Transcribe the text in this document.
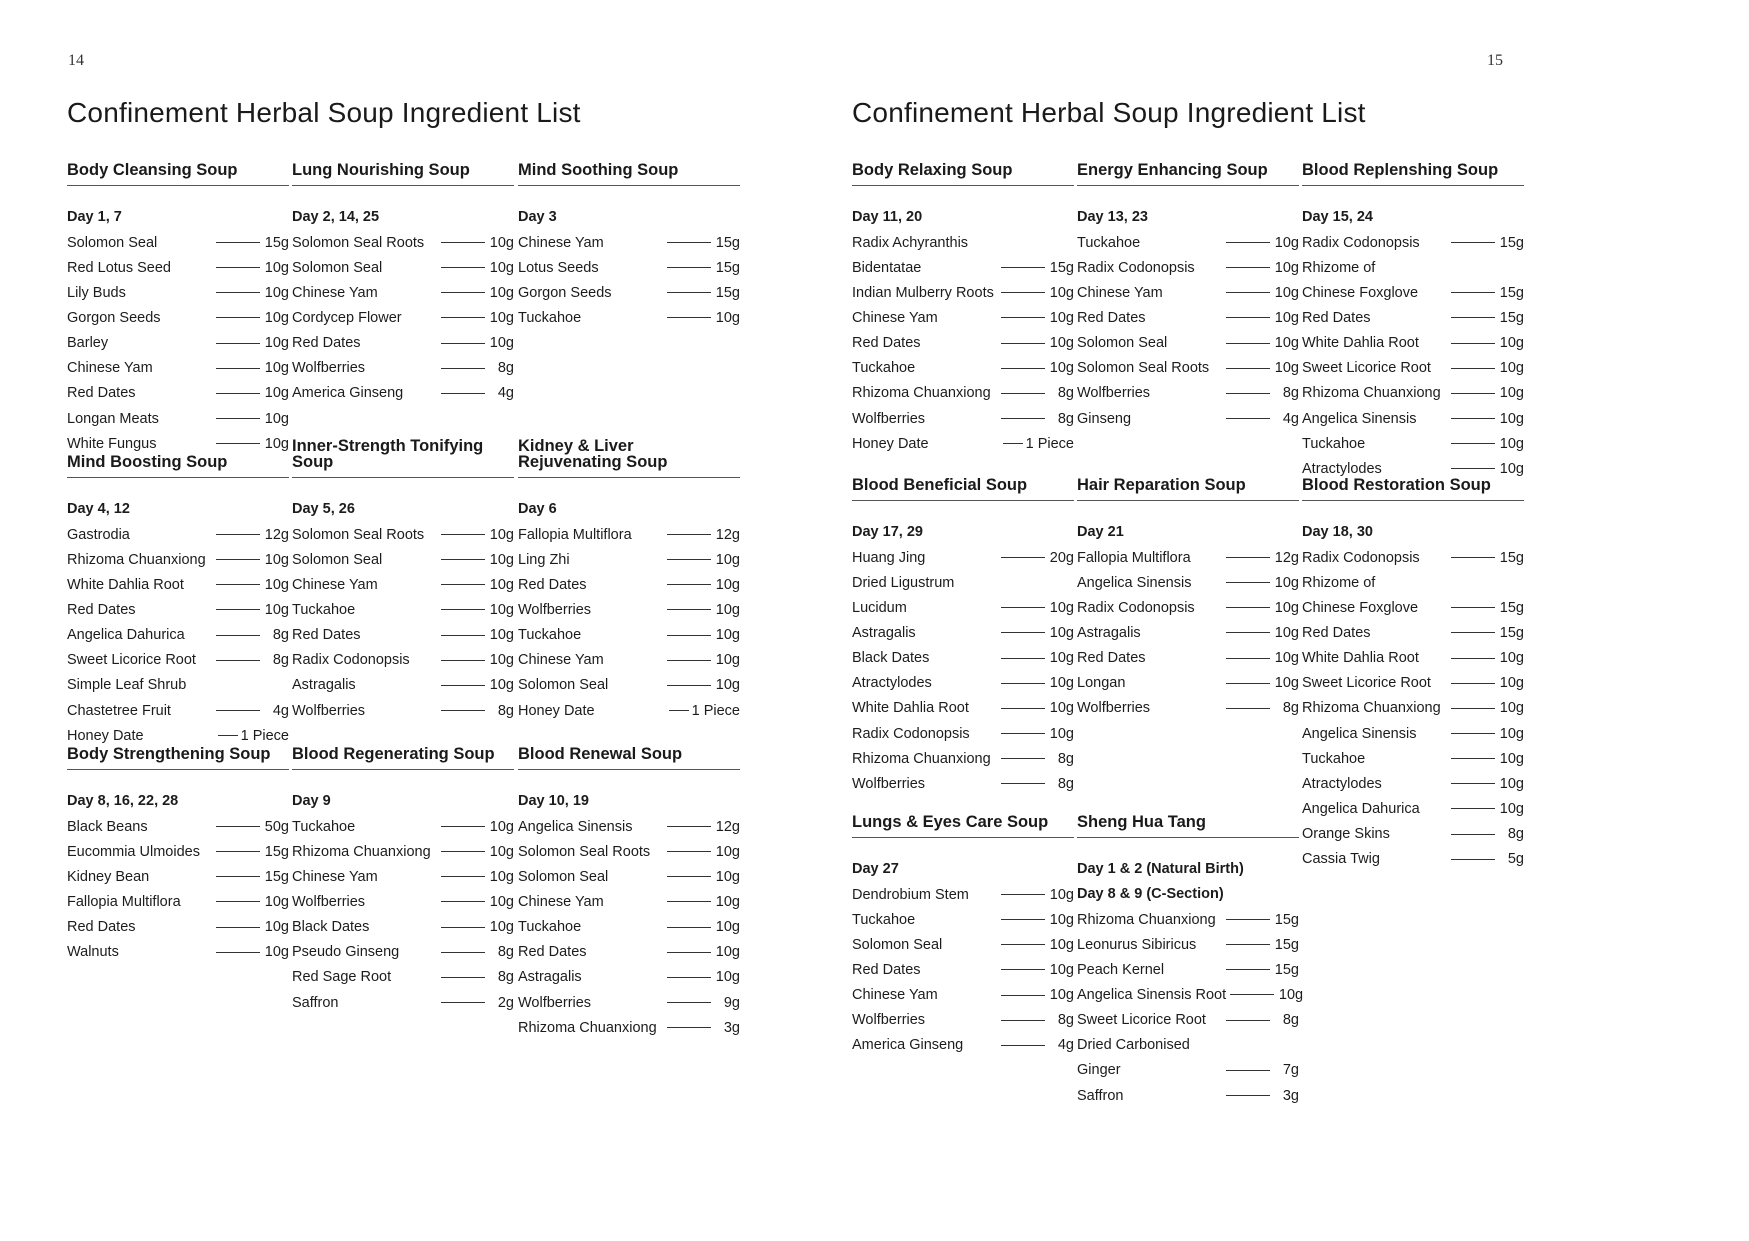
14
Confinement Herbal Soup Ingredient List
Body Cleansing Soup
Day 1, 7
Solomon Seal	15g
Red Lotus Seed	10g
Lily Buds	10g
Gorgon Seeds	10g
Barley	10g
Chinese Yam	10g
Red Dates	10g
Longan Meats	10g
White Fungus	10g
Lung Nourishing Soup
Day 2, 14, 25
Solomon Seal Roots	10g
Solomon Seal	10g
Chinese Yam	10g
Cordycep Flower	10g
Red Dates	10g
Wolfberries	8g
America Ginseng	4g
Mind Soothing Soup
Day 3
Chinese Yam	15g
Lotus Seeds	15g
Gorgon Seeds	15g
Tuckahoe	10g
Mind Boosting Soup
Day 4, 12
Gastrodia	12g
Rhizoma Chuanxiong	10g
White Dahlia Root	10g
Red Dates	10g
Angelica Dahurica	8g
Sweet Licorice Root	8g
Simple Leaf Shrub
Chastetree Fruit	4g
Honey Date	1 Piece
Inner-Strength Tonifying Soup
Day 5, 26
Solomon Seal Roots	10g
Solomon Seal	10g
Chinese Yam	10g
Tuckahoe	10g
Red Dates	10g
Radix Codonopsis	10g
Astragalis	10g
Wolfberries	8g
Kidney & Liver
Rejuvenating Soup
Day 6
Fallopia Multiflora	12g
Ling Zhi	10g
Red Dates	10g
Wolfberries	10g
Tuckahoe	10g
Chinese Yam	10g
Solomon Seal	10g
Honey Date	1 Piece
Body Strengthening Soup
Day 8, 16, 22, 28
Black Beans	50g
Eucommia Ulmoides	15g
Kidney Bean	15g
Fallopia Multiflora	10g
Red Dates	10g
Walnuts	10g
Blood Regenerating Soup
Day 9
Tuckahoe	10g
Rhizoma Chuanxiong	10g
Chinese Yam	10g
Wolfberries	10g
Black Dates	10g
Pseudo Ginseng	8g
Red Sage Root	8g
Saffron	2g
Blood Renewal Soup
Day 10, 19
Angelica Sinensis	12g
Solomon Seal Roots	10g
Solomon Seal	10g
Chinese Yam	10g
Tuckahoe	10g
Red Dates	10g
Astragalis	10g
Wolfberries	9g
Rhizoma Chuanxiong	3g
15
Confinement Herbal Soup Ingredient List
Body Relaxing Soup
Day 11, 20
Radix Achyranthis
Bidentatae	15g
Indian Mulberry Roots	10g
Chinese Yam	10g
Red Dates	10g
Tuckahoe	10g
Rhizoma Chuanxiong	8g
Wolfberries	8g
Honey Date	1 Piece
Energy Enhancing Soup
Day 13, 23
Tuckahoe	10g
Radix Codonopsis	10g
Chinese Yam	10g
Red Dates	10g
Solomon Seal	10g
Solomon Seal Roots	10g
Wolfberries	8g
Ginseng	4g
Blood Replenshing Soup
Day 15, 24
Radix Codonopsis	15g
Rhizome of
Chinese Foxglove	15g
Red Dates	15g
White Dahlia Root	10g
Sweet Licorice Root	10g
Rhizoma Chuanxiong	10g
Angelica Sinensis	10g
Tuckahoe	10g
Atractylodes	10g
Blood Beneficial Soup
Day 17, 29
Huang Jing	20g
Dried Ligustrum
Lucidum	10g
Astragalis	10g
Black Dates	10g
Atractylodes	10g
White Dahlia Root	10g
Radix Codonopsis	10g
Rhizoma Chuanxiong	8g
Wolfberries	8g
Hair Reparation Soup
Day 21
Fallopia Multiflora	12g
Angelica Sinensis	10g
Radix Codonopsis	10g
Astragalis	10g
Red Dates	10g
Longan	10g
Wolfberries	8g
Blood Restoration Soup
Day 18, 30
Radix Codonopsis	15g
Rhizome of
Chinese Foxglove	15g
Red Dates	15g
White Dahlia Root	10g
Sweet Licorice Root	10g
Rhizoma Chuanxiong	10g
Angelica Sinensis	10g
Tuckahoe	10g
Atractylodes	10g
Angelica Dahurica	10g
Orange Skins	8g
Cassia Twig	5g
Lungs & Eyes Care Soup
Day 27
Dendrobium Stem	10g
Tuckahoe	10g
Solomon Seal	10g
Red Dates	10g
Chinese Yam	10g
Wolfberries	8g
America Ginseng	4g
Sheng Hua Tang
Day 1 & 2 (Natural Birth)
Day 8 & 9 (C-Section)
Rhizoma Chuanxiong	15g
Leonurus Sibiricus	15g
Peach Kernel	15g
Angelica Sinensis Root	10g
Sweet Licorice Root	8g
Dried Carbonised
Ginger	7g
Saffron	3g
